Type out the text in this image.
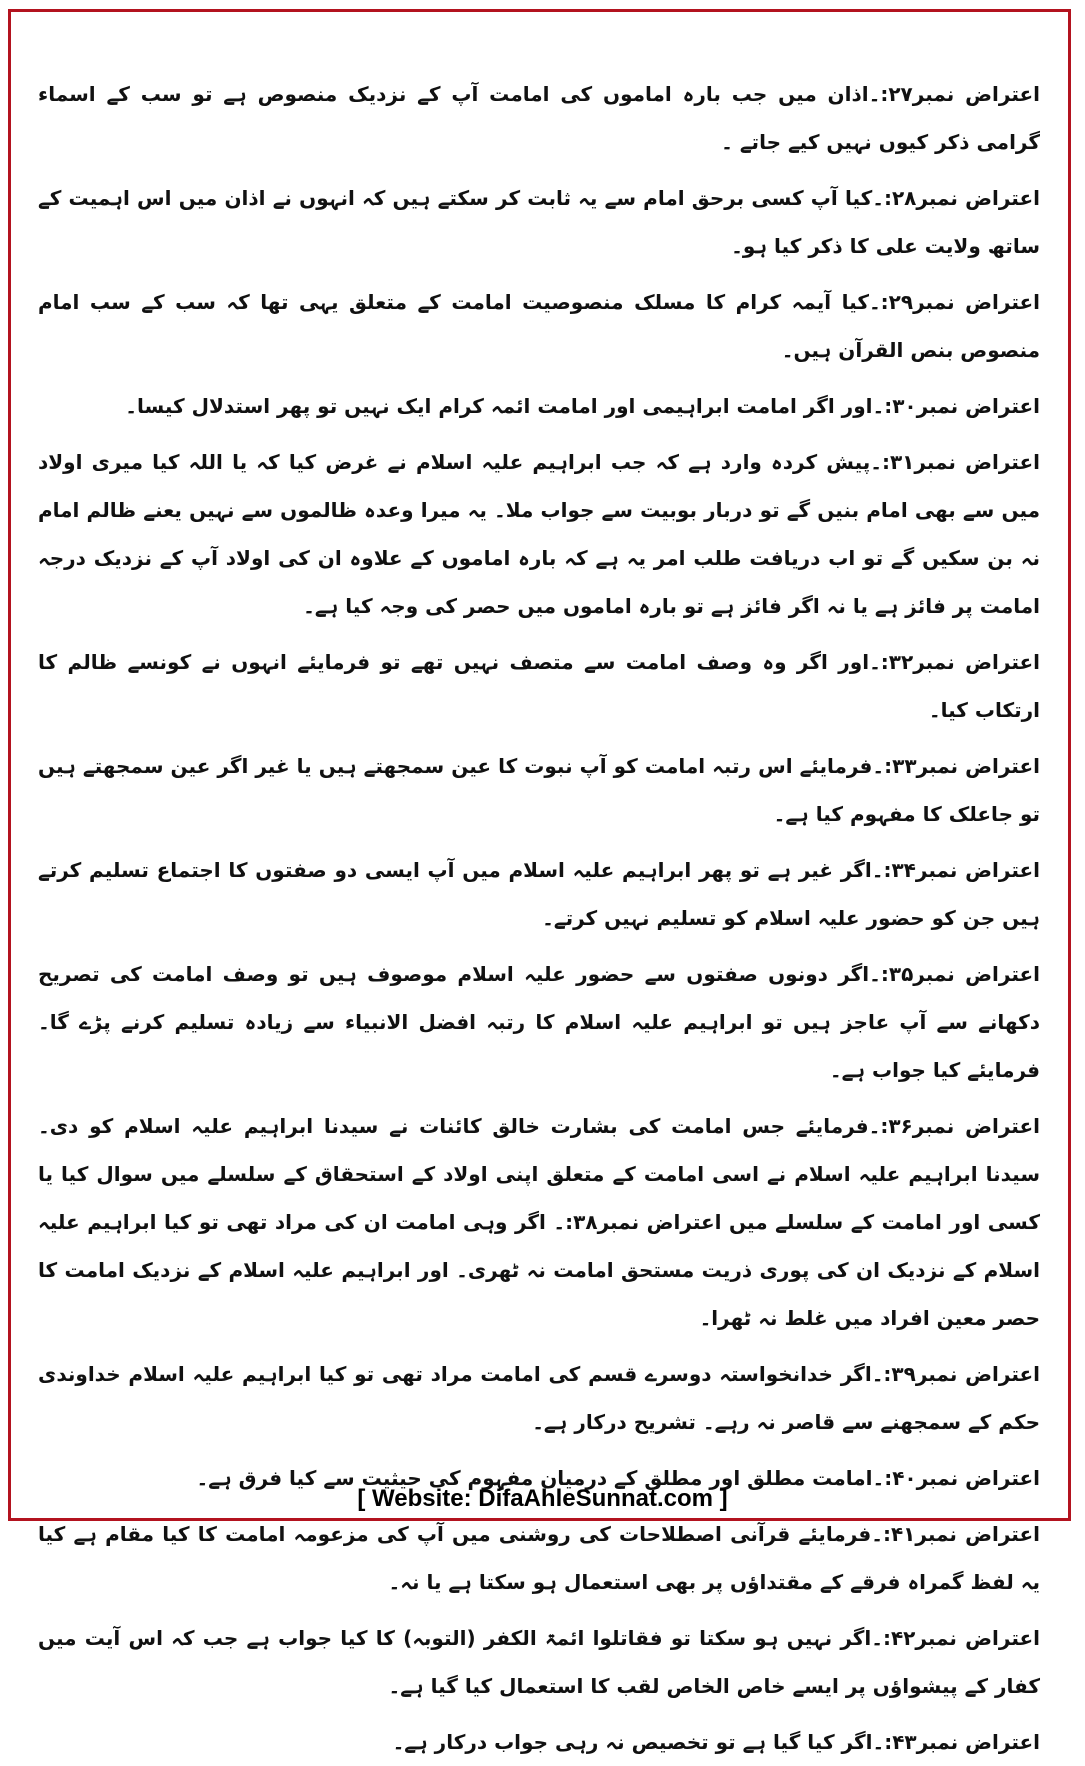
اعتراض نمبر۲۷:۔اذان میں جب بارہ اماموں کی امامت آپ کے نزدیک منصوص ہے تو سب کے اسماء گرامی ذکر کیوں نہیں کیے جاتے ۔

اعتراض نمبر۲۸:۔کیا آپ کسی برحق امام سے یہ ثابت کر سکتے ہیں کہ انہوں نے اذان میں اس اہمیت کے ساتھ ولایت علی کا ذکر کیا ہو۔

اعتراض نمبر۲۹:۔کیا آیمہ کرام کا مسلک منصوصیت امامت کے متعلق یہی تھا کہ سب کے سب امام منصوص بنص القرآن ہیں۔

اعتراض نمبر۳۰:۔اور اگر امامت ابراہیمی اور امامت ائمہ کرام ایک نہیں تو پھر استدلال کیسا۔

اعتراض نمبر۳۱:۔پیش کردہ وارد ہے کہ جب ابراہیم علیہ اسلام نے غرض کیا کہ یا اللہ کیا میری اولاد میں سے بھی امام بنیں گے تو دربار بوبیت سے جواب ملا۔ یہ میرا وعدہ ظالموں سے نہیں یعنے ظالم امام نہ بن سکیں گے تو اب دریافت طلب امر یہ ہے کہ بارہ اماموں کے علاوہ ان کی اولاد آپ کے نزدیک درجہ امامت پر فائز ہے یا نہ اگر فائز ہے تو بارہ اماموں میں حصر کی وجہ کیا ہے۔

اعتراض نمبر۳۲:۔اور اگر وہ وصف امامت سے متصف نہیں تھے تو فرمایئے انہوں نے کونسے ظالم کا ارتکاب کیا۔

اعتراض نمبر۳۳:۔فرمایئے اس رتبہ امامت کو آپ نبوت کا عین سمجھتے ہیں یا غیر اگر عین سمجھتے ہیں تو جاعلک کا مفہوم کیا ہے۔

اعتراض نمبر۳۴:۔اگر غیر ہے تو پھر ابراہیم علیہ اسلام میں آپ ایسی دو صفتوں کا اجتماع تسلیم کرتے ہیں جن کو حضور علیہ اسلام کو تسلیم نہیں کرتے۔

اعتراض نمبر۳۵:۔اگر دونوں صفتوں سے حضور علیہ اسلام موصوف ہیں تو وصف امامت کی تصریح دکھانے سے آپ عاجز ہیں تو ابراہیم علیہ اسلام کا رتبہ افضل الانبیاء سے زیادہ تسلیم کرنے پڑے گا۔ فرمایئے کیا جواب ہے۔

اعتراض نمبر۳۶:۔فرمایئے جس امامت کی بشارت خالق کائنات نے سیدنا ابراہیم علیہ اسلام کو دی۔ سیدنا ابراہیم علیہ اسلام نے اسی امامت کے متعلق اپنی اولاد کے استحقاق کے سلسلے میں سوال کیا یا کسی اور امامت کے سلسلے میں اعتراض نمبر۳۸:۔ اگر وہی امامت ان کی مراد تھی تو کیا ابراہیم علیہ اسلام کے نزدیک ان کی پوری ذریت مستحق امامت نہ ٹھری۔ اور ابراہیم علیہ اسلام کے نزدیک امامت کا حصر معین افراد میں غلط نہ ٹھرا۔

اعتراض نمبر۳۹:۔اگر خدانخواستہ دوسرے قسم کی امامت مراد تھی تو کیا ابراہیم علیہ اسلام خداوندی حکم کے سمجھنے سے قاصر نہ رہے۔ تشریح درکار ہے۔

اعتراض نمبر۴۰:۔امامت مطلق اور مطلق کے درمیان مفہوم کی حیثیت سے کیا فرق ہے۔

اعتراض نمبر۴۱:۔فرمایئے قرآنی اصطلاحات کی روشنی میں آپ کی مزعومہ امامت کا کیا مقام ہے کیا یہ لفظ گمراہ فرقے کے مقتداؤں پر بھی استعمال ہو سکتا ہے یا نہ۔

اعتراض نمبر۴۲:۔اگر نہیں ہو سکتا تو فقاتلوا ائمۃ الکفر (التوبہ) کا کیا جواب ہے جب کہ اس آیت میں کفار کے پیشواؤں پر ایسے خاص الخاص لقب کا استعمال کیا گیا ہے۔

اعتراض نمبر۴۳:۔اگر کیا گیا ہے تو تخصیص نہ رہی جواب درکار ہے۔

[ Website: DifaAhleSunnat.com ]
